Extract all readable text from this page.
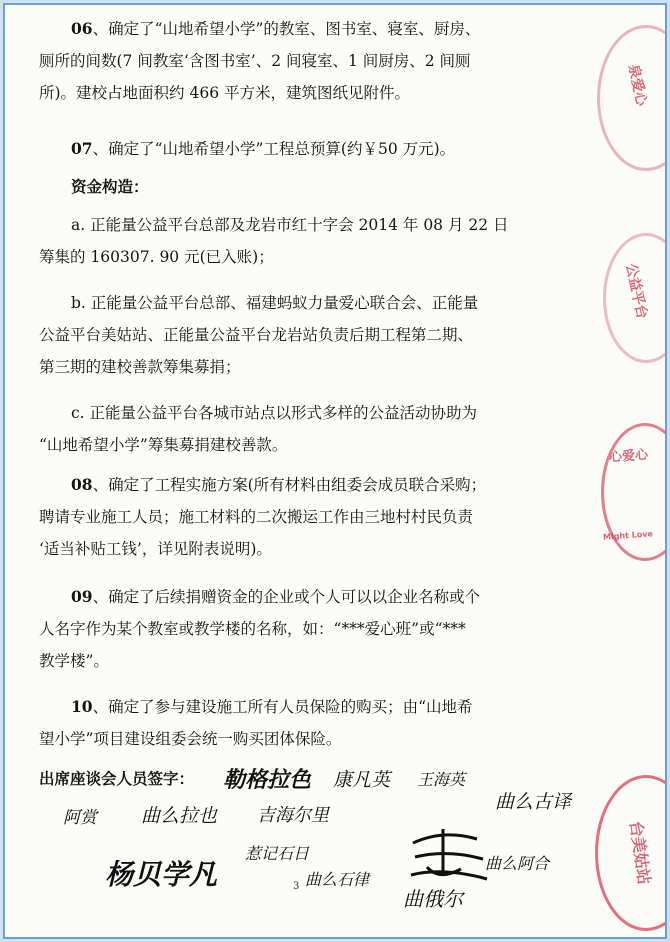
06、确定了“山地希望小学”的教室、图书室、寝室、厨房、
厕所的间数(7 间教室‘含图书室’、2 间寝室、1 间厨房、2 间厕
所)。建校占地面积约 466 平方米，建筑图纸见附件。
07、确定了“山地希望小学”工程总预算(约￥50 万元)。
资金构造：
a. 正能量公益平台总部及龙岩市红十字会 2014 年 08 月 22 日
筹集的 160307. 90 元(已入账)；
b. 正能量公益平台总部、福建蚂蚁力量爱心联合会、正能量
公益平台美姑站、正能量公益平台龙岩站负责后期工程第二期、
第三期的建校善款筹集募捐；
c. 正能量公益平台各城市站点以形式多样的公益活动协助为
“山地希望小学”筹集募捐建校善款。
08、确定了工程实施方案(所有材料由组委会成员联合采购；
聘请专业施工人员；施工材料的二次搬运工作由三地村村民负责
‘适当补贴工钱’，详见附表说明)。
09、确定了后续捐赠资金的企业或个人可以以企业名称或个
人名字作为某个教室或教学楼的名称，如：“***爱心班”或“***
教学楼”。
10、确定了参与建设施工所有人员保险的购买；由“山地希
望小学”项目建设组委会统一购买团体保险。
出席座谈会人员签字：	勒格拉色 康凡英 王海英
曲么古译
阿赏 曲么拉也 吉海尔里
杨贝学凡
惹记石日
曲么阿合
曲俄尔
曲么石律
泉爱心
公益平台
心爱心
Might Love
台美姑站
3
